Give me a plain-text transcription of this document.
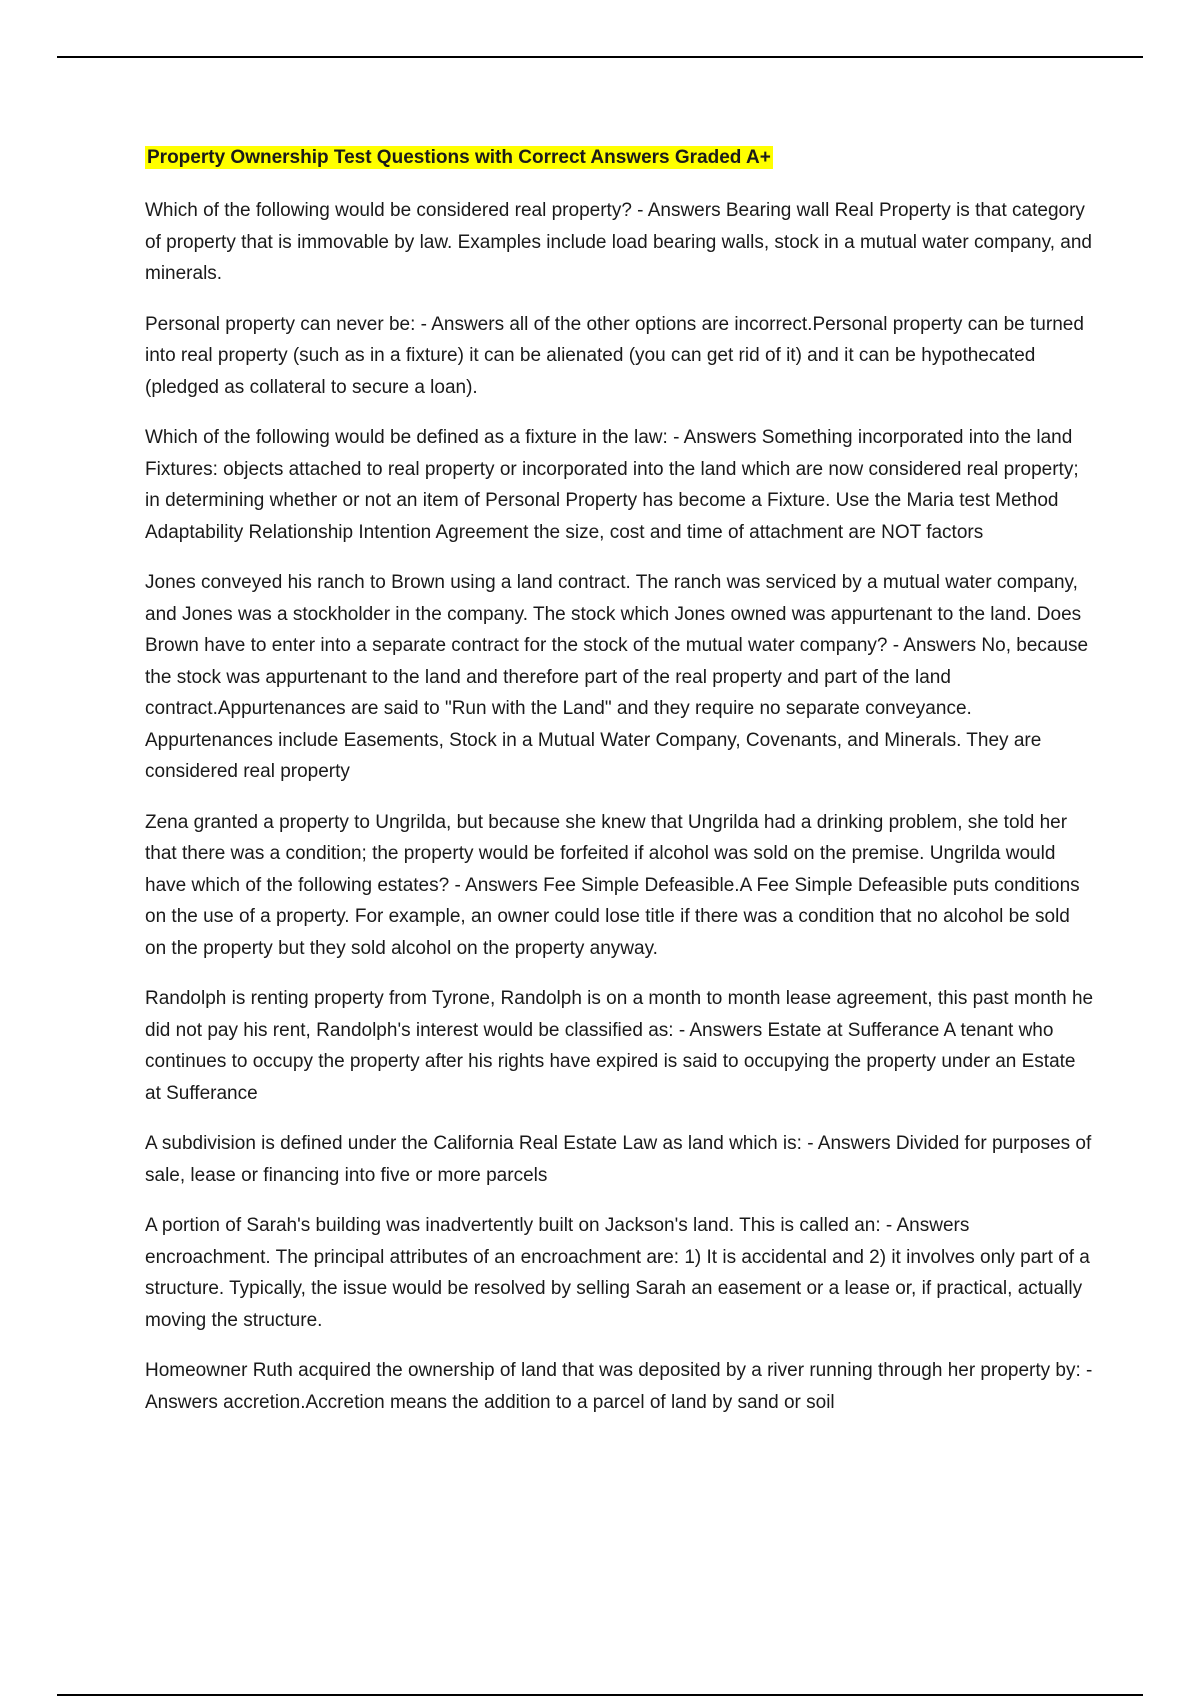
Property Ownership Test Questions with Correct Answers Graded A+

Which of the following would be considered real property? - Answers Bearing wall Real Property is that category of property that is immovable by law. Examples include load bearing walls, stock in a mutual water company, and minerals.

Personal property can never be: - Answers all of the other options are incorrect.Personal property can be turned into real property (such as in a fixture) it can be alienated (you can get rid of it) and it can be hypothecated (pledged as collateral to secure a loan).

Which of the following would be defined as a fixture in the law: - Answers Something incorporated into the land Fixtures: objects attached to real property or incorporated into the land which are now considered real property; in determining whether or not an item of Personal Property has become a Fixture. Use the Maria test Method Adaptability Relationship Intention Agreement the size, cost and time of attachment are NOT factors

Jones conveyed his ranch to Brown using a land contract. The ranch was serviced by a mutual water company, and Jones was a stockholder in the company. The stock which Jones owned was appurtenant to the land. Does Brown have to enter into a separate contract for the stock of the mutual water company? - Answers No, because the stock was appurtenant to the land and therefore part of the real property and part of the land contract.Appurtenances are said to "Run with the Land" and they require no separate conveyance. Appurtenances include Easements, Stock in a Mutual Water Company, Covenants, and Minerals. They are considered real property

Zena granted a property to Ungrilda, but because she knew that Ungrilda had a drinking problem, she told her that there was a condition; the property would be forfeited if alcohol was sold on the premise. Ungrilda would have which of the following estates? - Answers Fee Simple Defeasible.A Fee Simple Defeasible puts conditions on the use of a property. For example, an owner could lose title if there was a condition that no alcohol be sold on the property but they sold alcohol on the property anyway.

Randolph is renting property from Tyrone, Randolph is on a month to month lease agreement, this past month he did not pay his rent, Randolph's interest would be classified as: - Answers Estate at Sufferance A tenant who continues to occupy the property after his rights have expired is said to occupying the property under an Estate at Sufferance

A subdivision is defined under the California Real Estate Law as land which is: - Answers Divided for purposes of sale, lease or financing into five or more parcels

A portion of Sarah's building was inadvertently built on Jackson's land. This is called an: - Answers encroachment. The principal attributes of an encroachment are: 1) It is accidental and 2) it involves only part of a structure. Typically, the issue would be resolved by selling Sarah an easement or a lease or, if practical, actually moving the structure.

Homeowner Ruth acquired the ownership of land that was deposited by a river running through her property by: - Answers accretion.Accretion means the addition to a parcel of land by sand or soil
